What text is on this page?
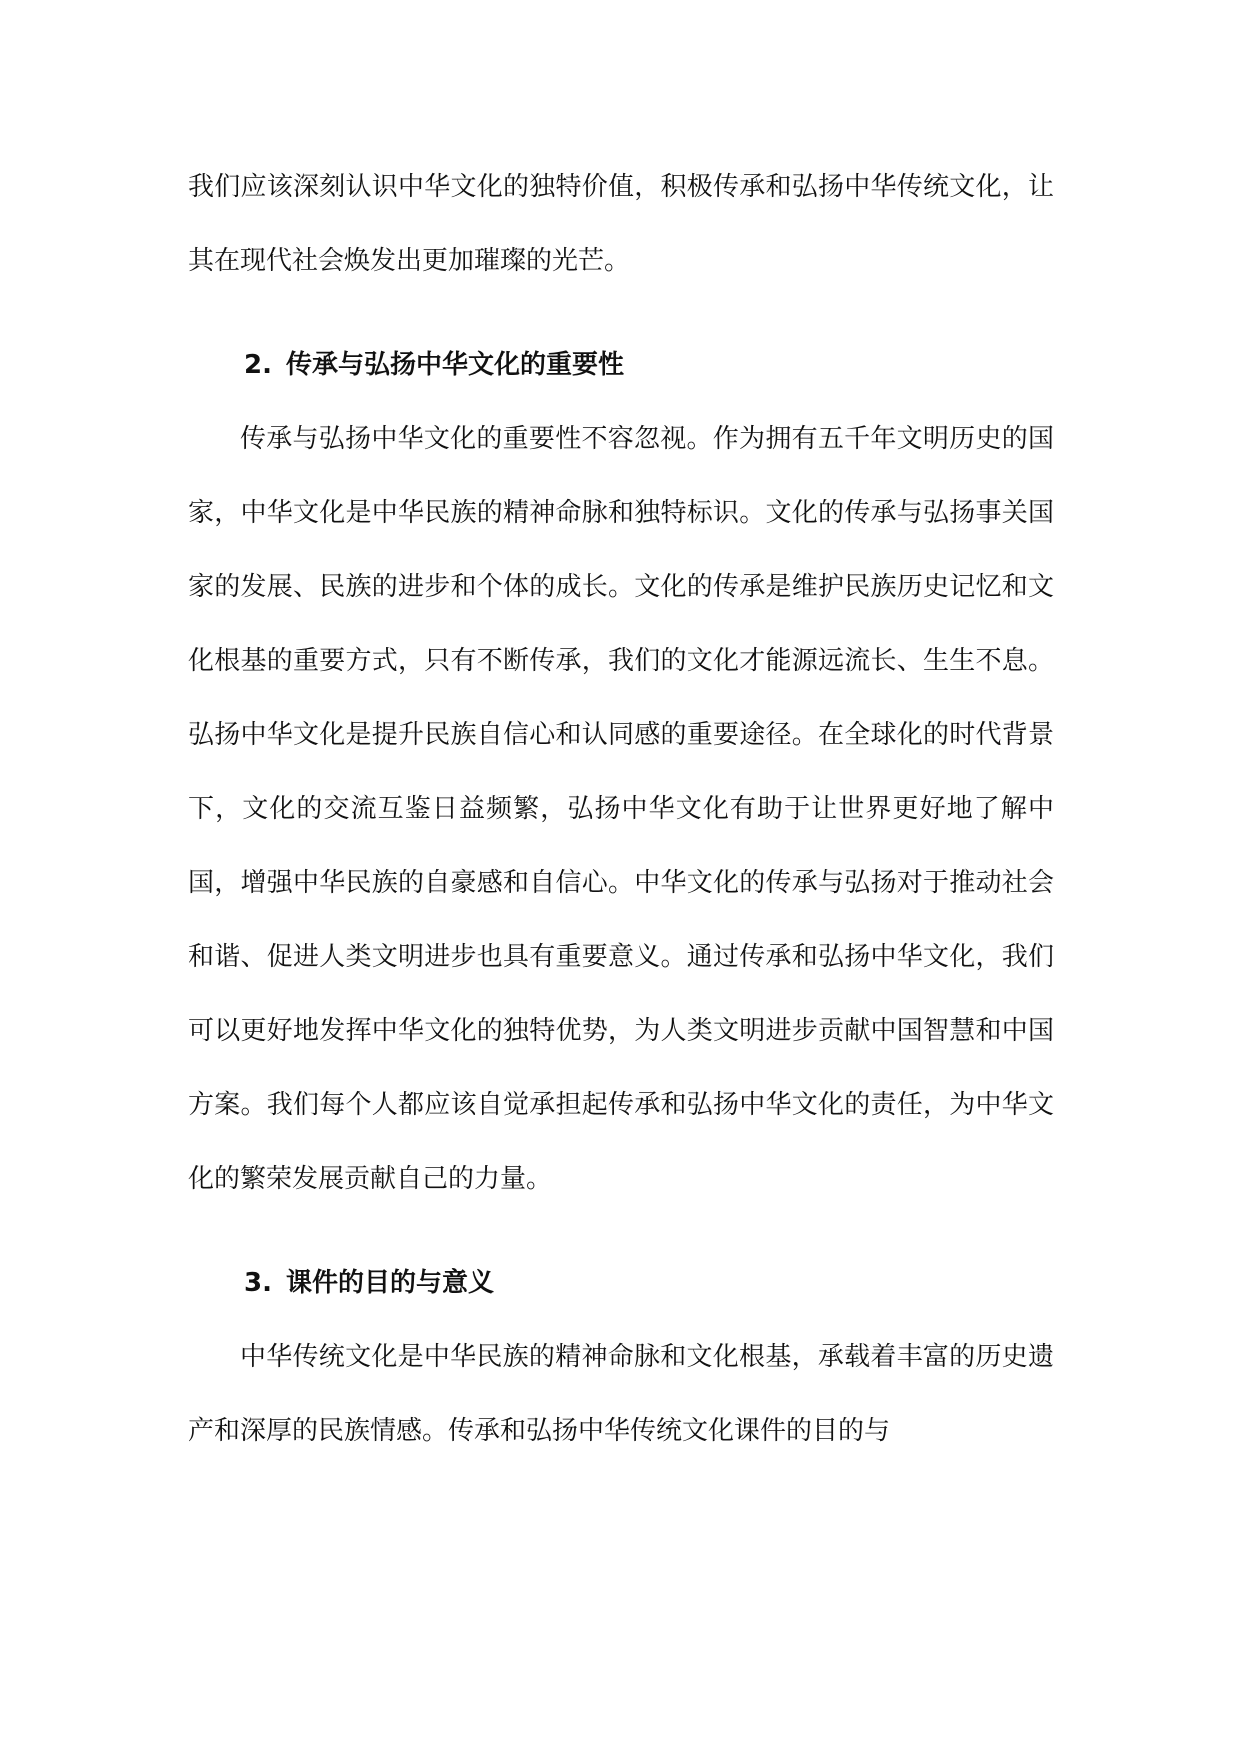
我们应该深刻认识中华文化的独特价值，积极传承和弘扬中华传统文化，让其在现代社会焕发出更加璀璨的光芒。

2. 传承与弘扬中华文化的重要性

传承与弘扬中华文化的重要性不容忽视。作为拥有五千年文明历史的国家，中华文化是中华民族的精神命脉和独特标识。文化的传承与弘扬事关国家的发展、民族的进步和个体的成长。文化的传承是维护民族历史记忆和文化根基的重要方式，只有不断传承，我们的文化才能源远流长、生生不息。弘扬中华文化是提升民族自信心和认同感的重要途径。在全球化的时代背景下，文化的交流互鉴日益频繁，弘扬中华文化有助于让世界更好地了解中国，增强中华民族的自豪感和自信心。中华文化的传承与弘扬对于推动社会和谐、促进人类文明进步也具有重要意义。通过传承和弘扬中华文化，我们可以更好地发挥中华文化的独特优势，为人类文明进步贡献中国智慧和中国方案。我们每个人都应该自觉承担起传承和弘扬中华文化的责任，为中华文化的繁荣发展贡献自己的力量。

3. 课件的目的与意义

中华传统文化是中华民族的精神命脉和文化根基，承载着丰富的历史遗产和深厚的民族情感。传承和弘扬中华传统文化课件的目的与
